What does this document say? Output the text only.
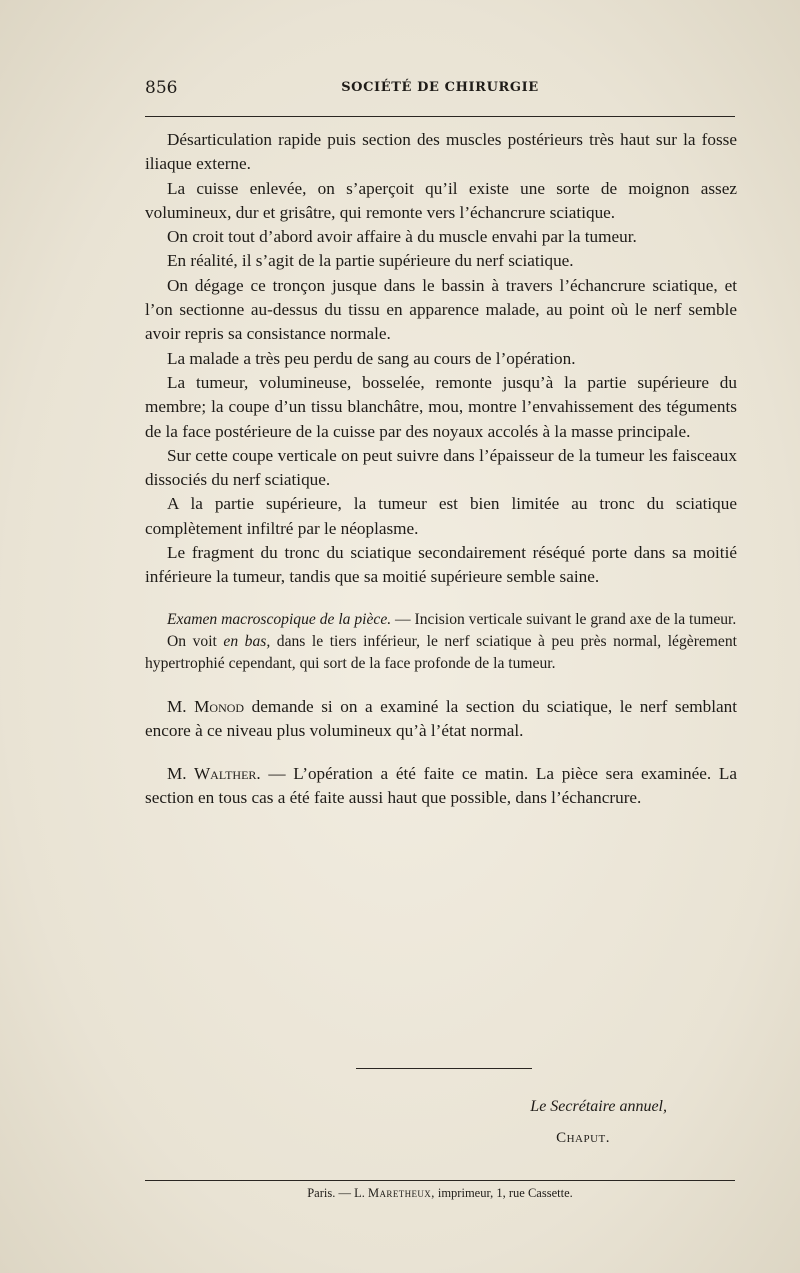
856	SOCIÉTÉ DE CHIRURGIE

Désarticulation rapide puis section des muscles postérieurs très haut sur la fosse iliaque externe.

La cuisse enlevée, on s’aperçoit qu’il existe une sorte de moignon assez volumineux, dur et grisâtre, qui remonte vers l’échancrure sciatique.

On croit tout d’abord avoir affaire à du muscle envahi par la tumeur.

En réalité, il s’agit de la partie supérieure du nerf sciatique.

On dégage ce tronçon jusque dans le bassin à travers l’échancrure sciatique, et l’on sectionne au-dessus du tissu en apparence malade, au point où le nerf semble avoir repris sa consistance normale.

La malade a très peu perdu de sang au cours de l’opération.

La tumeur, volumineuse, bosselée, remonte jusqu’à la partie supérieure du membre; la coupe d’un tissu blanchâtre, mou, montre l’envahissement des téguments de la face postérieure de la cuisse par des noyaux accolés à la masse principale.

Sur cette coupe verticale on peut suivre dans l’épaisseur de la tumeur les faisceaux dissociés du nerf sciatique.

A la partie supérieure, la tumeur est bien limitée au tronc du sciatique complètement infiltré par le néoplasme.

Le fragment du tronc du sciatique secondairement réséqué porte dans sa moitié inférieure la tumeur, tandis que sa moitié supérieure semble saine.

Examen macroscopique de la pièce. — Incision verticale suivant le grand axe de la tumeur.

On voit en bas, dans le tiers inférieur, le nerf sciatique à peu près normal, légèrement hypertrophié cependant, qui sort de la face profonde de la tumeur.

M. Monod demande si on a examiné la section du sciatique, le nerf semblant encore à ce niveau plus volumineux qu’à l’état normal.

M. Walther. — L’opération a été faite ce matin. La pièce sera examinée. La section en tous cas a été faite aussi haut que possible, dans l’échancrure.

Le Secrétaire annuel,
Chaput.
Paris. — L. Maretheux, imprimeur, 1, rue Cassette.
